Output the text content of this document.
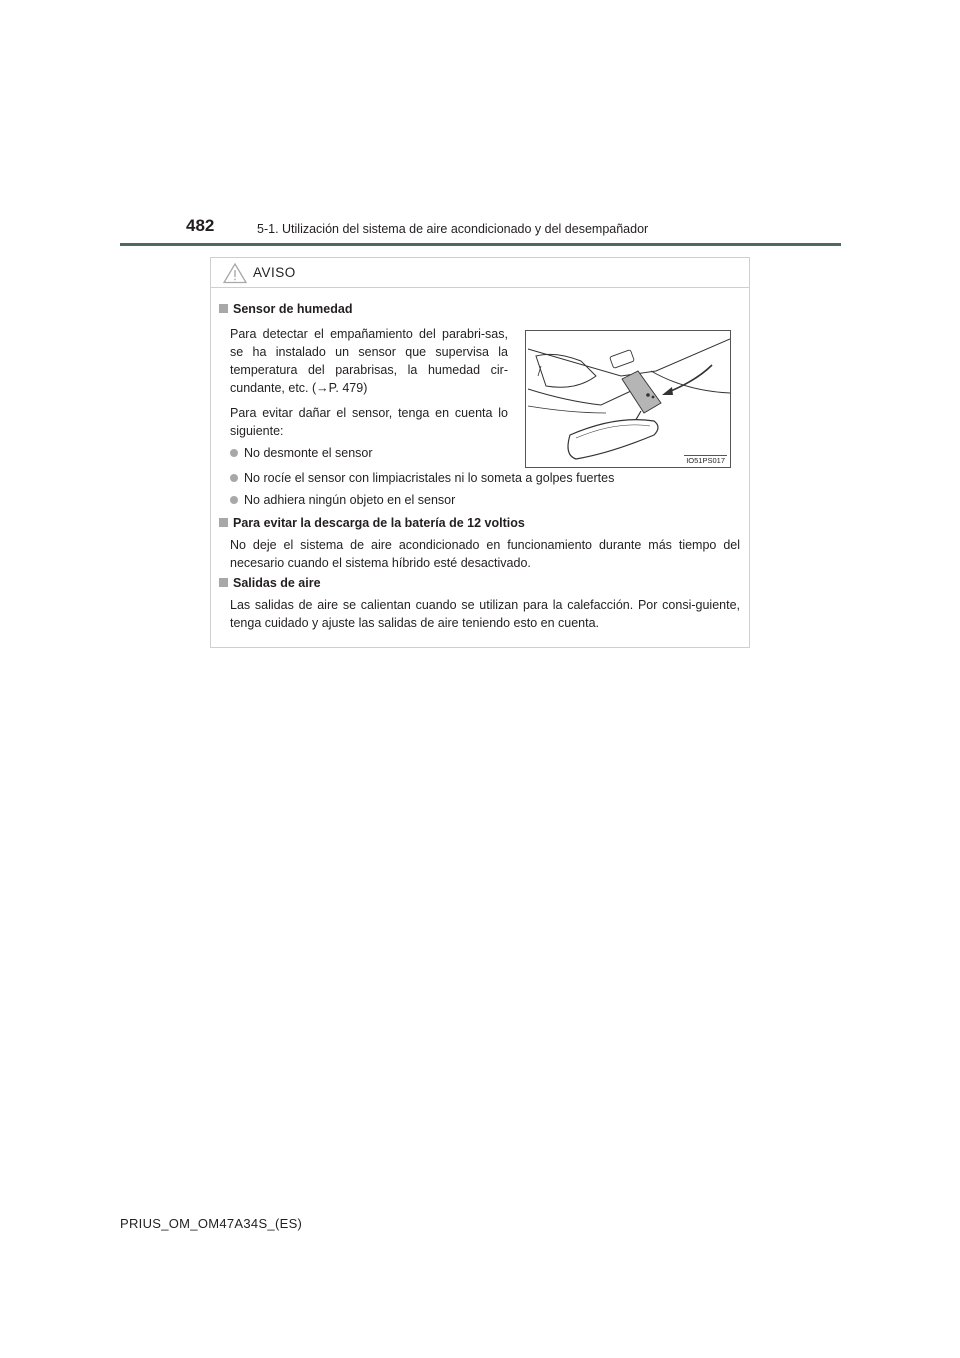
482	5-1. Utilización del sistema de aire acondicionado y del desempañador
AVISO
Sensor de humedad
Para detectar el empañamiento del parabri-sas, se ha instalado un sensor que supervisa la temperatura del parabrisas, la humedad cir-cundante, etc. (→P. 479)
Para evitar dañar el sensor, tenga en cuenta lo siguiente:
No desmonte el sensor
No rocíe el sensor con limpiacristales ni lo someta a golpes fuertes
No adhiera ningún objeto en el sensor
IO51PS017
Para evitar la descarga de la batería de 12 voltios
No deje el sistema de aire acondicionado en funcionamiento durante más tiempo del necesario cuando el sistema híbrido esté desactivado.
Salidas de aire
Las salidas de aire se calientan cuando se utilizan para la calefacción. Por consi-guiente, tenga cuidado y ajuste las salidas de aire teniendo esto en cuenta.
PRIUS_OM_OM47A34S_(ES)
